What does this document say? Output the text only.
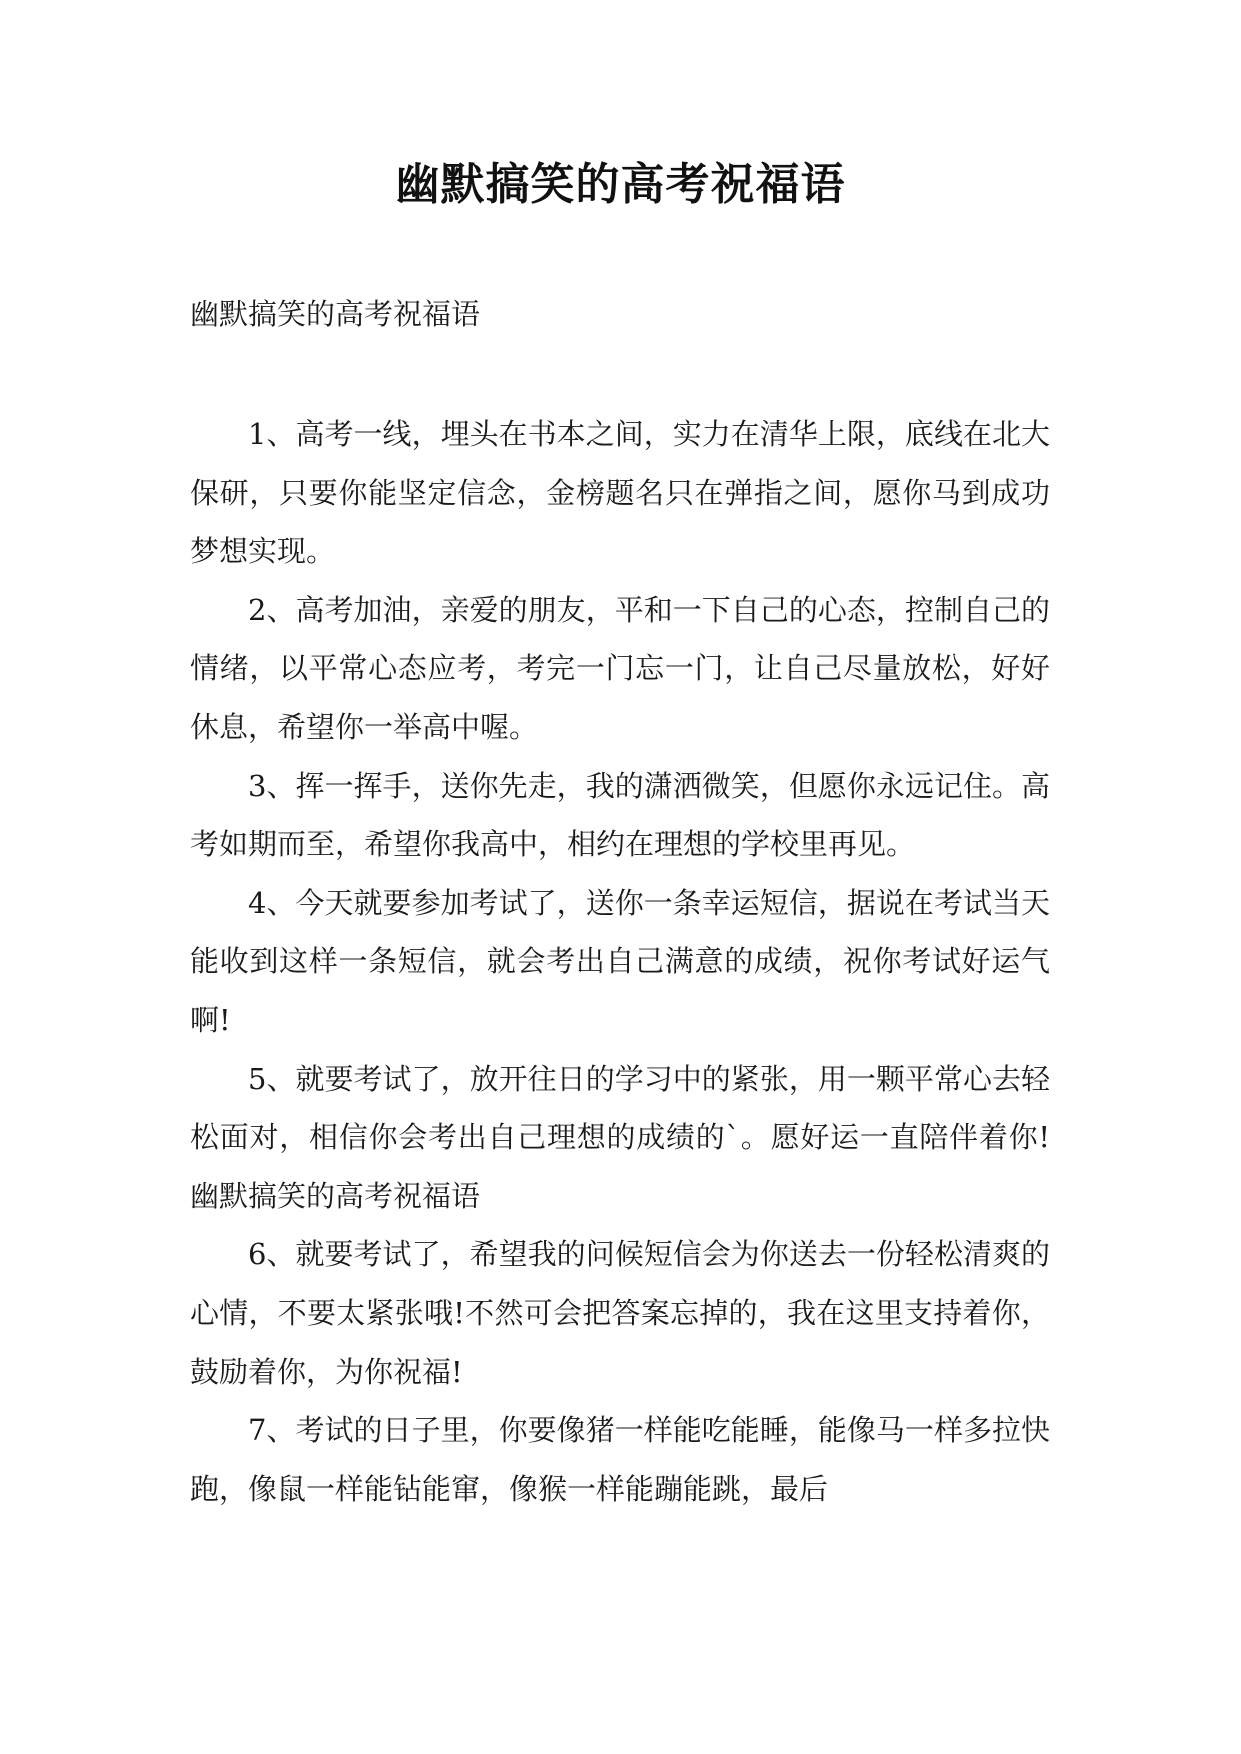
幽默搞笑的高考祝福语
幽默搞笑的高考祝福语

1、高考一线，埋头在书本之间，实力在清华上限，底线在北大保研，只要你能坚定信念，金榜题名只在弹指之间，愿你马到成功梦想实现。

2、高考加油，亲爱的朋友，平和一下自己的心态，控制自己的情绪，以平常心态应考，考完一门忘一门，让自己尽量放松，好好休息，希望你一举高中喔。

3、挥一挥手，送你先走，我的潇洒微笑，但愿你永远记住。高考如期而至，希望你我高中，相约在理想的学校里再见。

4、今天就要参加考试了，送你一条幸运短信，据说在考试当天能收到这样一条短信，就会考出自己满意的成绩，祝你考试好运气啊!

5、就要考试了，放开往日的学习中的紧张，用一颗平常心去轻松面对，相信你会考出自己理想的成绩的`。愿好运一直陪伴着你!幽默搞笑的高考祝福语

6、就要考试了，希望我的问候短信会为你送去一份轻松清爽的心情，不要太紧张哦!不然可会把答案忘掉的，我在这里支持着你，鼓励着你，为你祝福!

7、考试的日子里，你要像猪一样能吃能睡，能像马一样多拉快跑，像鼠一样能钻能窜，像猴一样能蹦能跳，最后
